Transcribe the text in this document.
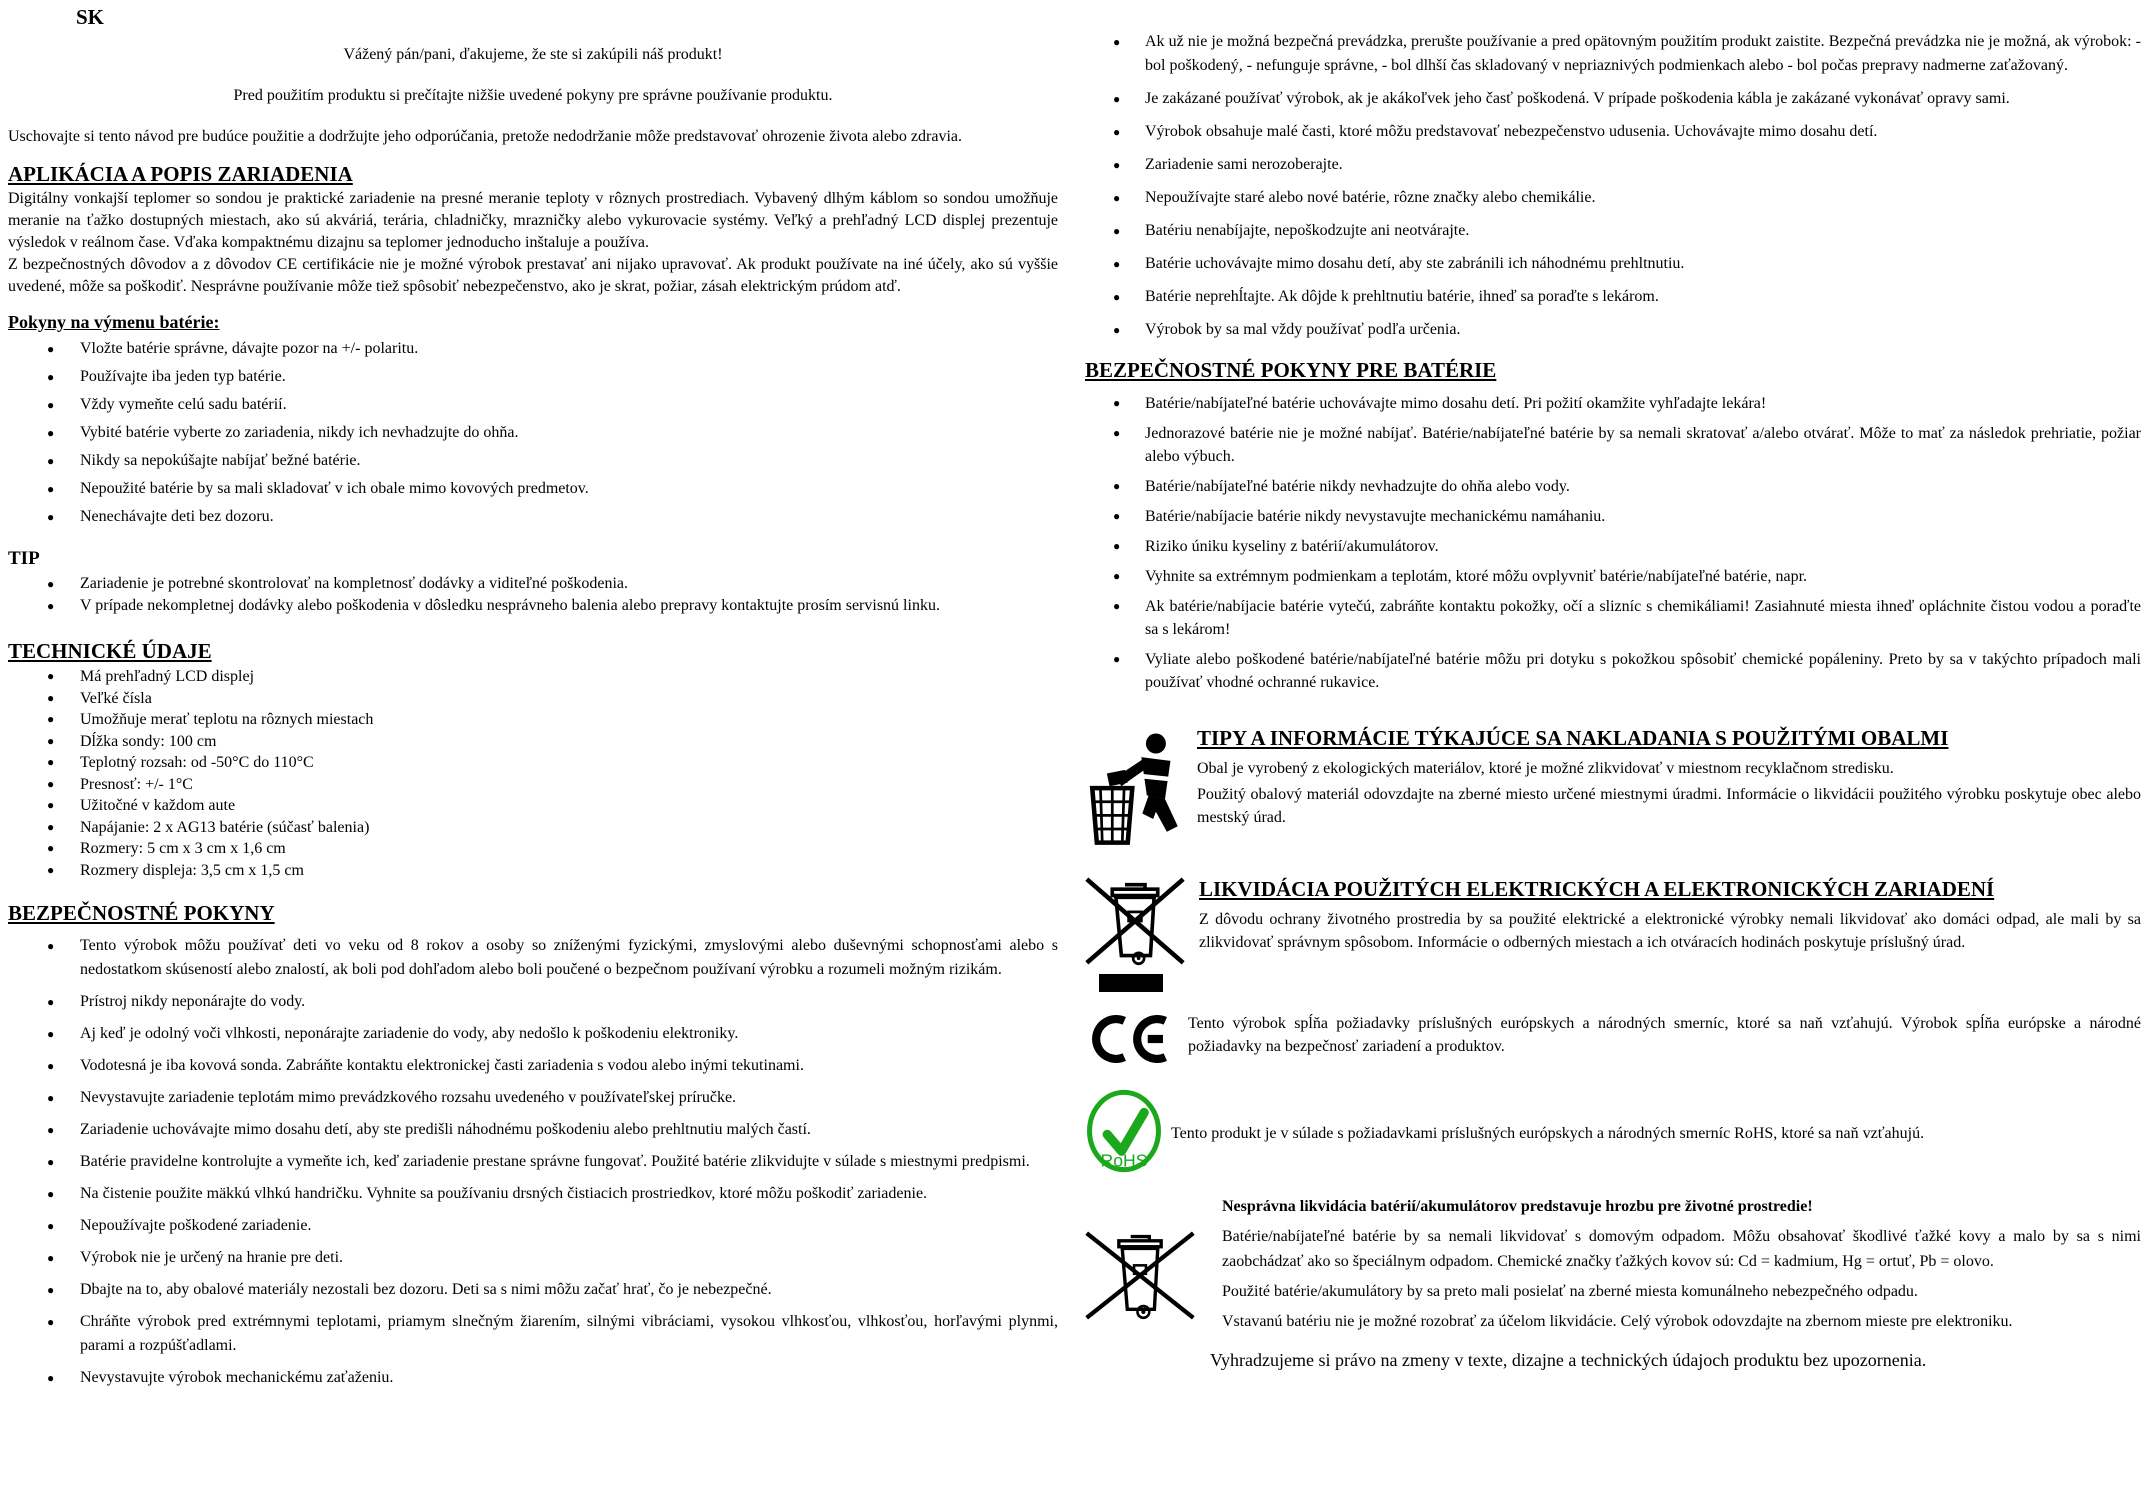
SK
Vážený pán/pani, ďakujeme, že ste si zakúpili náš produkt!
Pred použitím produktu si prečítajte nižšie uvedené pokyny pre správne používanie produktu.
Uschovajte si tento návod pre budúce použitie a dodržujte jeho odporúčania, pretože nedodržanie môže predstavovať ohrozenie života alebo zdravia.
APLIKÁCIA A POPIS ZARIADENIA

Digitálny vonkajší teplomer so sondou je praktické zariadenie na presné meranie teploty v rôznych prostrediach. Vybavený dlhým káblom so sondou umožňuje meranie na ťažko dostupných miestach, ako sú akváriá, terária, chladničky, mrazničky alebo vykurovacie systémy. Veľký a prehľadný LCD displej prezentuje výsledok v reálnom čase. Vďaka kompaktnému dizajnu sa teplomer jednoducho inštaluje a používa.

Z bezpečnostných dôvodov a z dôvodov CE certifikácie nie je možné výrobok prestavať ani nijako upravovať. Ak produkt používate na iné účely, ako sú vyššie uvedené, môže sa poškodiť. Nesprávne používanie môže tiež spôsobiť nebezpečenstvo, ako je skrat, požiar, zásah elektrickým prúdom atď.

Pokyny na výmenu batérie:
● Vložte batérie správne, dávajte pozor na +/- polaritu.
● Používajte iba jeden typ batérie.
● Vždy vymeňte celú sadu batérií.
● Vybité batérie vyberte zo zariadenia, nikdy ich nevhadzujte do ohňa.
● Nikdy sa nepokúšajte nabíjať bežné batérie.
● Nepoužité batérie by sa mali skladovať v ich obale mimo kovových predmetov.
● Nenechávajte deti bez dozoru.
TIP
● Zariadenie je potrebné skontrolovať na kompletnosť dodávky a viditeľné poškodenia.
● V prípade nekompletnej dodávky alebo poškodenia v dôsledku nesprávneho balenia alebo prepravy kontaktujte prosím servisnú linku.
TECHNICKÉ ÚDAJE
● Má prehľadný LCD displej
● Veľké čísla
● Umožňuje merať teplotu na rôznych miestach
● Dĺžka sondy: 100 cm
● Teplotný rozsah: od -50°C do 110°C
● Presnosť: +/- 1°C
● Užitočné v každom aute
● Napájanie: 2 x AG13 batérie (súčasť balenia)
● Rozmery: 5 cm x 3 cm x 1,6 cm
● Rozmery displeja: 3,5 cm x 1,5 cm
BEZPEČNOSTNÉ POKYNY
● Tento výrobok môžu používať deti vo veku od 8 rokov a osoby so zníženými fyzickými, zmyslovými alebo duševnými schopnosťami alebo s nedostatkom skúseností alebo znalostí, ak boli pod dohľadom alebo boli poučené o bezpečnom používaní výrobku a rozumeli možným rizikám.
● Prístroj nikdy neponárajte do vody.
● Aj keď je odolný voči vlhkosti, neponárajte zariadenie do vody, aby nedošlo k poškodeniu elektroniky.
● Vodotesná je iba kovová sonda. Zabráňte kontaktu elektronickej časti zariadenia s vodou alebo inými tekutinami.
● Nevystavujte zariadenie teplotám mimo prevádzkového rozsahu uvedeného v používateľskej príručke.
● Zariadenie uchovávajte mimo dosahu detí, aby ste predišli náhodnému poškodeniu alebo prehltnutiu malých častí.
● Batérie pravidelne kontrolujte a vymeňte ich, keď zariadenie prestane správne fungovať. Použité batérie zlikvidujte v súlade s miestnymi predpismi.
● Na čistenie použite mäkkú vlhkú handričku. Vyhnite sa používaniu drsných čistiacich prostriedkov, ktoré môžu poškodiť zariadenie.
● Nepoužívajte poškodené zariadenie.
● Výrobok nie je určený na hranie pre deti.
● Dbajte na to, aby obalové materiály nezostali bez dozoru. Deti sa s nimi môžu začať hrať, čo je nebezpečné.
● Chráňte výrobok pred extrémnymi teplotami, priamym slnečným žiarením, silnými vibráciami, vysokou vlhkosťou, vlhkosťou, horľavými plynmi, parami a rozpúšťadlami.
● Nevystavujte výrobok mechanickému zaťaženiu.
● Ak už nie je možná bezpečná prevádzka, prerušte používanie a pred opätovným použitím produkt zaistite. Bezpečná prevádzka nie je možná, ak výrobok: - bol poškodený, - nefunguje správne, - bol dlhší čas skladovaný v nepriaznivých podmienkach alebo - bol počas prepravy nadmerne zaťažovaný.
● Je zakázané používať výrobok, ak je akákoľvek jeho časť poškodená. V prípade poškodenia kábla je zakázané vykonávať opravy sami.
● Výrobok obsahuje malé časti, ktoré môžu predstavovať nebezpečenstvo udusenia. Uchovávajte mimo dosahu detí.
● Zariadenie sami nerozoberajte.
● Nepoužívajte staré alebo nové batérie, rôzne značky alebo chemikálie.
● Batériu nenabíjajte, nepoškodzujte ani neotvárajte.
● Batérie uchovávajte mimo dosahu detí, aby ste zabránili ich náhodnému prehltnutiu.
● Batérie neprehĺtajte. Ak dôjde k prehltnutiu batérie, ihneď sa poraďte s lekárom.
● Výrobok by sa mal vždy používať podľa určenia.
BEZPEČNOSTNÉ POKYNY PRE BATÉRIE
● Batérie/nabíjateľné batérie uchovávajte mimo dosahu detí. Pri požití okamžite vyhľadajte lekára!
● Jednorazové batérie nie je možné nabíjať. Batérie/nabíjateľné batérie by sa nemali skratovať a/alebo otvárať. Môže to mať za následok prehriatie, požiar alebo výbuch.
● Batérie/nabíjateľné batérie nikdy nevhadzujte do ohňa alebo vody.
● Batérie/nabíjacie batérie nikdy nevystavujte mechanickému namáhaniu.
● Riziko úniku kyseliny z batérií/akumulátorov.
● Vyhnite sa extrémnym podmienkam a teplotám, ktoré môžu ovplyvniť batérie/nabíjateľné batérie, napr.
● Ak batérie/nabíjacie batérie vytečú, zabráňte kontaktu pokožky, očí a slizníc s chemikáliami! Zasiahnuté miesta ihneď opláchnite čistou vodou a poraďte sa s lekárom!
● Vyliate alebo poškodené batérie/nabíjateľné batérie môžu pri dotyku s pokožkou spôsobiť chemické popáleniny. Preto by sa v takýchto prípadoch mali používať vhodné ochranné rukavice.
TIPY A INFORMÁCIE TÝKAJÚCE SA NAKLADANIA S POUŽITÝMI OBALMI

Obal je vyrobený z ekologických materiálov, ktoré je možné zlikvidovať v miestnom recyklačnom stredisku.

Použitý obalový materiál odovzdajte na zberné miesto určené miestnymi úradmi. Informácie o likvidácii použitého výrobku poskytuje obec alebo mestský úrad.

LIKVIDÁCIA POUŽITÝCH ELEKTRICKÝCH A ELEKTRONICKÝCH ZARIADENÍ

Z dôvodu ochrany životného prostredia by sa použité elektrické a elektronické výrobky nemali likvidovať ako domáci odpad, ale mali by sa zlikvidovať správnym spôsobom. Informácie o odberných miestach a ich otváracích hodinách poskytuje príslušný úrad.

Tento výrobok spĺňa požiadavky príslušných európskych a národných smerníc, ktoré sa naň vzťahujú. Výrobok spĺňa európske a národné požiadavky na bezpečnosť zariadení a produktov.

RoHS

Tento produkt je v súlade s požiadavkami príslušných európskych a národných smerníc RoHS, ktoré sa naň vzťahujú.

Nesprávna likvidácia batérií/akumulátorov predstavuje hrozbu pre životné prostredie!

Batérie/nabíjateľné batérie by sa nemali likvidovať s domovým odpadom. Môžu obsahovať škodlivé ťažké kovy a malo by sa s nimi zaobchádzať ako so špeciálnym odpadom. Chemické značky ťažkých kovov sú: Cd = kadmium, Hg = ortuť, Pb = olovo.

Použité batérie/akumulátory by sa preto mali posielať na zberné miesta komunálneho nebezpečného odpadu.

Vstavanú batériu nie je možné rozobrať za účelom likvidácie. Celý výrobok odovzdajte na zbernom mieste pre elektroniku.

Vyhradzujeme si právo na zmeny v texte, dizajne a technických údajoch produktu bez upozornenia.
